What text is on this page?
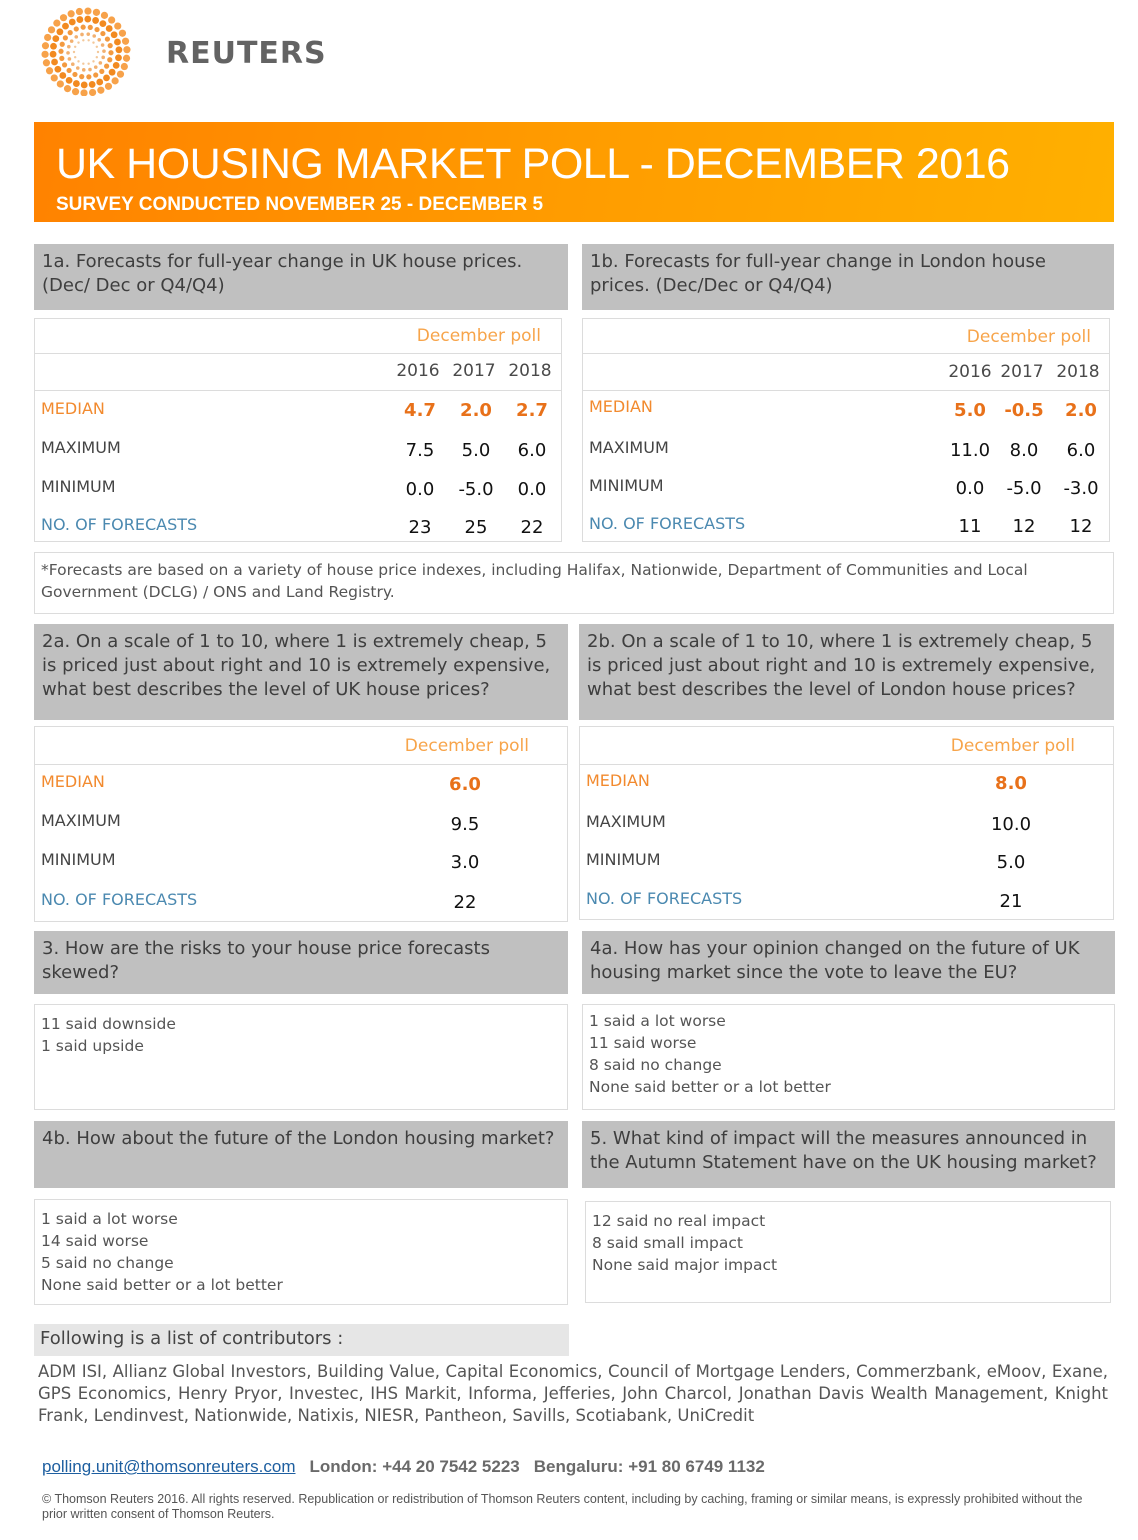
REUTERS
UK HOUSING MARKET POLL - DECEMBER 2016
SURVEY CONDUCTED NOVEMBER 25 - DECEMBER 5
1a. Forecasts for full-year change in UK house prices. (Dec/ Dec or Q4/Q4)
December poll
2016 2017 2018
MEDIAN	4.7	2.0	2.7
MAXIMUM	7.5	5.0	6.0
MINIMUM	0.0	-5.0	0.0
NO. OF FORECASTS	23	25	22
1b. Forecasts for full-year change in London house prices. (Dec/Dec or Q4/Q4)
December poll
2016 2017 2018
MEDIAN	5.0	-0.5	2.0
MAXIMUM	11.0	8.0	6.0
MINIMUM	0.0	-5.0	-3.0
NO. OF FORECASTS	11	12	12
*Forecasts are based on a variety of house price indexes, including Halifax, Nationwide, Department of Communities and Local Government (DCLG) / ONS and Land Registry.
2a. On a scale of 1 to 10, where 1 is extremely cheap, 5 is priced just about right and 10 is extremely expensive, what best describes the level of UK house prices?
December poll
MEDIAN	6.0
MAXIMUM	9.5
MINIMUM	3.0
NO. OF FORECASTS	22
2b. On a scale of 1 to 10, where 1 is extremely cheap, 5 is priced just about right and 10 is extremely expensive, what best describes the level of London house prices?
December poll
MEDIAN	8.0
MAXIMUM	10.0
MINIMUM	5.0
NO. OF FORECASTS	21
3. How are the risks to your house price forecasts skewed?
11 said downside
1 said upside
4a. How has your opinion changed on the future of UK housing market since the vote to leave the EU?
1 said a lot worse
11 said worse
8 said no change
None said better or a lot better
4b. How about the future of the London housing market?
1 said a lot worse
14 said worse
5 said no change
None said better or a lot better
5. What kind of impact will the measures announced in the Autumn Statement have on the UK housing market?
12 said no real impact
8 said small impact
None said major impact
Following is a list of contributors :
ADM ISI, Allianz Global Investors, Building Value, Capital Economics, Council of Mortgage Lenders, Commerzbank, eMoov, Exane, GPS Economics, Henry Pryor, Investec, IHS Markit, Informa, Jefferies, John Charcol, Jonathan Davis Wealth Management, Knight Frank, Lendinvest, Nationwide, Natixis, NIESR, Pantheon, Savills, Scotiabank, UniCredit
polling.unit@thomsonreuters.com London: +44 20 7542 5223 Bengaluru: +91 80 6749 1132
© Thomson Reuters 2016. All rights reserved. Republication or redistribution of Thomson Reuters content, including by caching, framing or similar means, is expressly prohibited without the prior written consent of Thomson Reuters.
